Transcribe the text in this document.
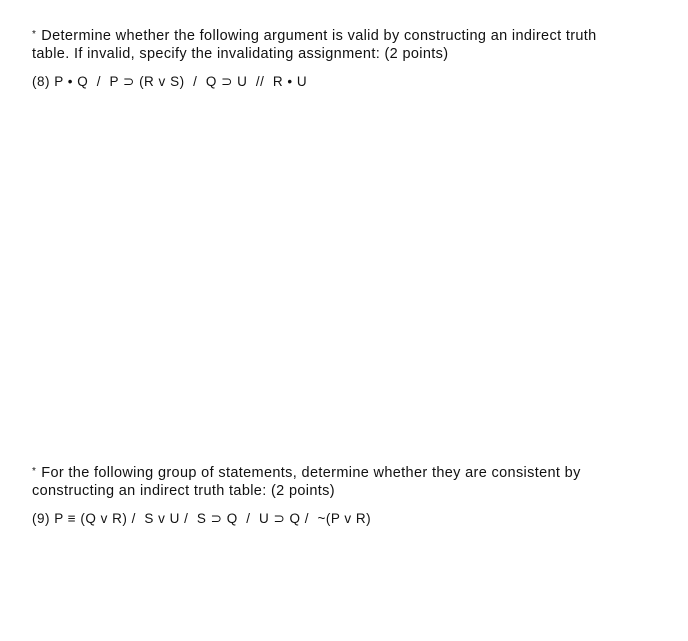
* Determine whether the following argument is valid by constructing an indirect truth
table. If invalid, specify the invalidating assignment: (2 points)

(8) P • Q  /  P ⊃ (R v S)  /  Q ⊃ U  //  R • U

* For the following group of statements, determine whether they are consistent by
constructing an indirect truth table: (2 points)

(9) P ≡ (Q v R) /  S v U /  S ⊃ Q  /  U ⊃ Q /  ~(P v R)
